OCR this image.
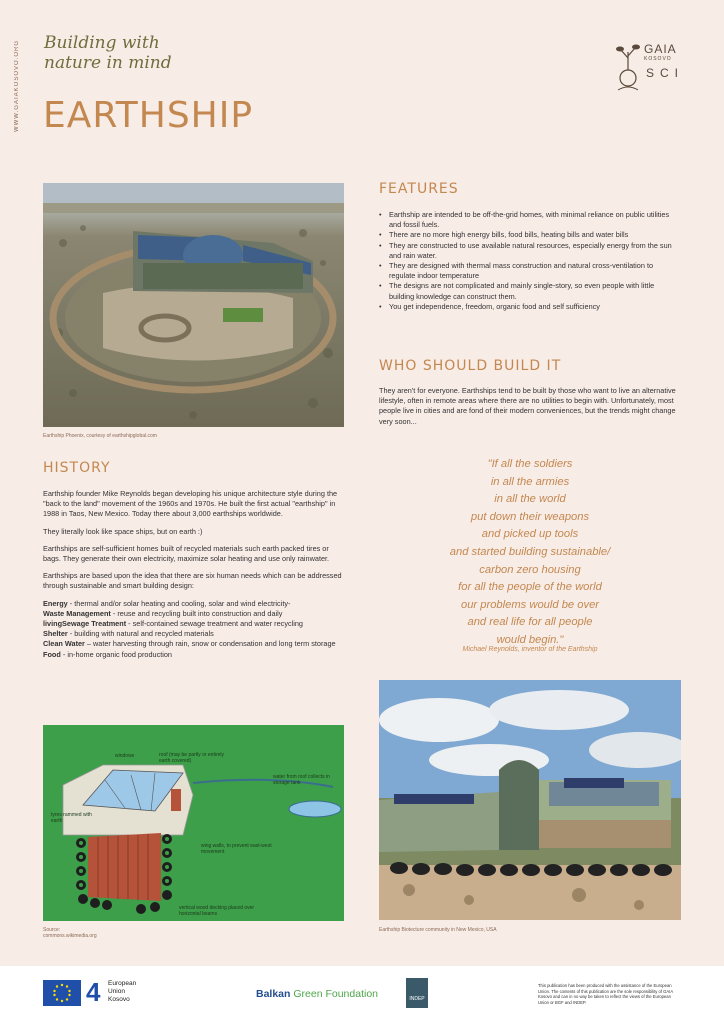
WWW.GAIAKOSOVO.ORG Building with
nature in mind
EARTHSHIP
GAIA
KOSOVO
SCI
Earthship Phoenix, courtesy of earthshipglobal.com
FEATURES
• Earthship are intended to be off-the-grid homes, with minimal reliance on public utilities and fossil fuels.
• There are no more high energy bills, food bills, heating bills and water bills
• They are constructed to use available natural resources, especially energy from the sun and rain water.
• They are designed with thermal mass construction and natural cross-ventilation to regulate indoor temperature
• The designs are not complicated and mainly single-story, so even people with little building knowledge can construct them.
• You get independence, freedom, organic food and self sufficiency
WHO SHOULD BUILD IT
They aren't for everyone. Earthships tend to be built by those who want to live an alternative lifestyle, often in remote areas where there are no utilities to begin with. Unfortunately, most people live in cities and are fond of their modern conveniences, but the trends might change very soon...
HISTORY

Earthship founder Mike Reynolds began developing his unique architecture style during the "back to the land" movement of the 1960s and 1970s. He built the first actual "earthship" in 1988 in Taos, New Mexico. Today there about 3,000 earthships worldwide.

They literally look like space ships, but on earth :)

Earthships are self-sufficient homes built of recycled materials such earth packed tires or bags. They generate their own electricity, maximize solar heating and use only rainwater.

Earthships are based upon the idea that there are six human needs which can be addressed through sustainable and smart building design:

Energy - thermal and/or solar heating and cooling, solar and wind electricity-
Waste Management - reuse and recycling built into construction and daily
livingSewage Treatment - self-contained sewage treatment and water recycling
Shelter - building with natural and recycled materials
Clean Water – water harvesting through rain, snow or condensation and long term storage
Food - in-home organic food production
"If all the soldiers
in all the armies
in all the world
put down their weapons
and picked up tools
and started building sustainable/
carbon zero housing
for all the people of the world
our problems would be over
and real life for all people
would begin."
Michael Reynolds, inventor of the Earthship
windows	roof (may be partly or entirely earth covered)
water from roof collects in storage tank
tyres rammed with earth
wing walls, to prevent east-west movement
vertical wood decking placed over horizontal beams
Source:
commons.wikimedia.org
Earthship Biotecture community in New Mexico, USA
4 European
Union
Kosovo	Balkan Green Foundation	INDEP
This publication has been produced with the assistance of the European Union. The contents of this publication are the sole responsibility of GAIA Kosovo and can in no way be taken to reflect the views of the European Union or BGF and INDEP.
